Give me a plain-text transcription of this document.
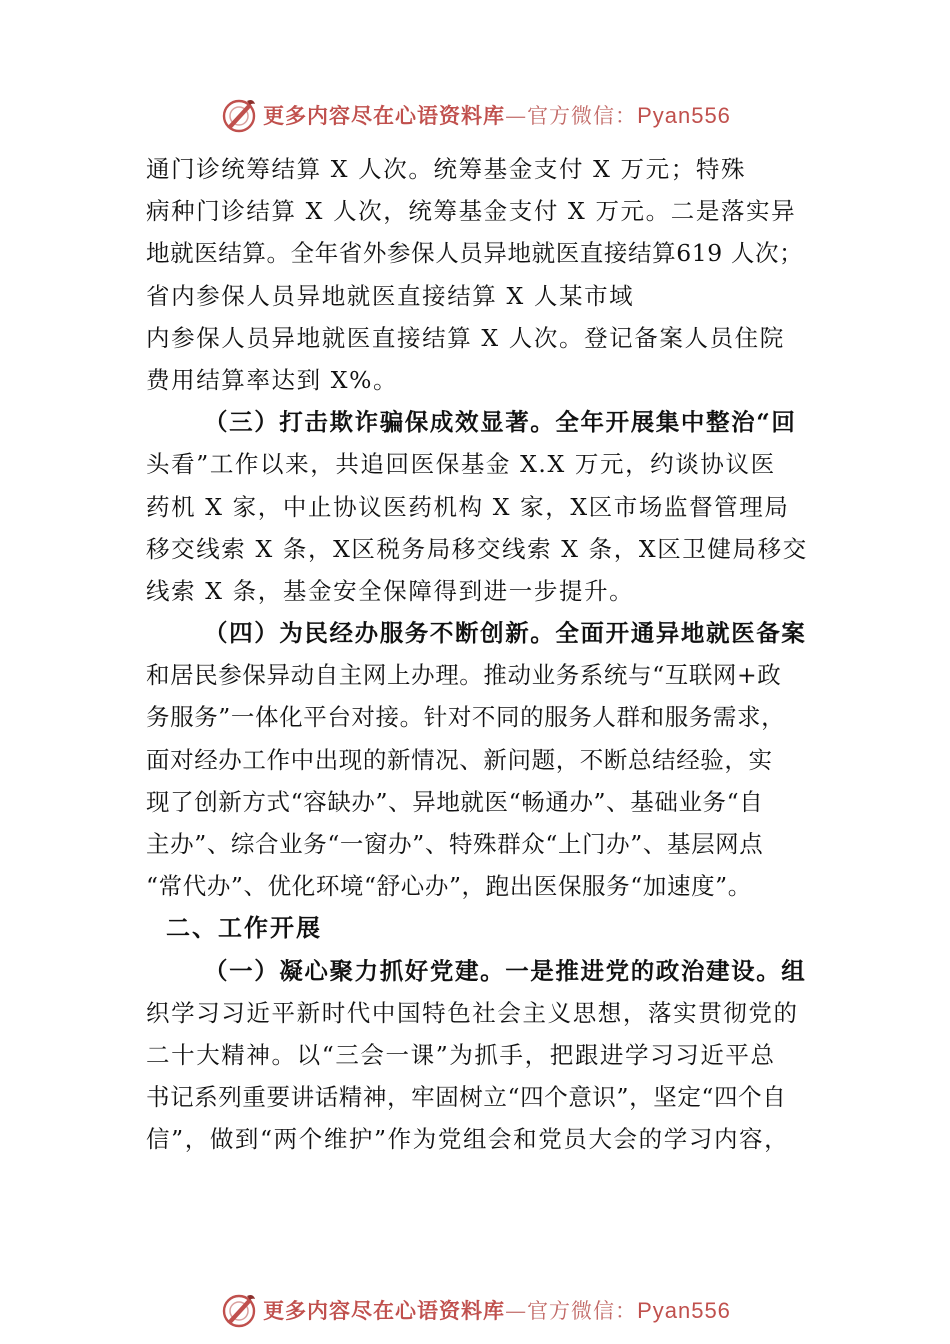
更多内容尽在心语资料库—官方微信：Pyan556
通门诊统筹结算 X 人次。统筹基金支付 X 万元；特殊
病种门诊结算 X 人次，统筹基金支付 X 万元。二是落实异
地就医结算。全年省外参保人员异地就医直接结算619 人次；
省内参保人员异地就医直接结算 X 人某市域
内参保人员异地就医直接结算 X 人次。登记备案人员住院
费用结算率达到 X%。
（三）打击欺诈骗保成效显著。全年开展集中整治“回
头看”工作以来，共追回医保基金 X.X 万元，约谈协议医
药机 X 家，中止协议医药机构 X 家，X区市场监督管理局
移交线索 X 条，X区税务局移交线索 X 条，X区卫健局移交
线索 X 条，基金安全保障得到进一步提升。
（四）为民经办服务不断创新。全面开通异地就医备案
和居民参保异动自主网上办理。推动业务系统与“互联网+政
务服务”一体化平台对接。针对不同的服务人群和服务需求，
面对经办工作中出现的新情况、新问题，不断总结经验，实
现了创新方式“容缺办”、异地就医“畅通办”、基础业务“自
主办”、综合业务“一窗办”、特殊群众“上门办”、基层网点
“常代办”、优化环境“舒心办”，跑出医保服务“加速度”。
二、工作开展
（一）凝心聚力抓好党建。一是推进党的政治建设。组
织学习习近平新时代中国特色社会主义思想，落实贯彻党的
二十大精神。以“三会一课”为抓手，把跟进学习习近平总
书记系列重要讲话精神，牢固树立“四个意识”，坚定“四个自
信”，做到“两个维护”作为党组会和党员大会的学习内容，
更多内容尽在心语资料库—官方微信：Pyan556
